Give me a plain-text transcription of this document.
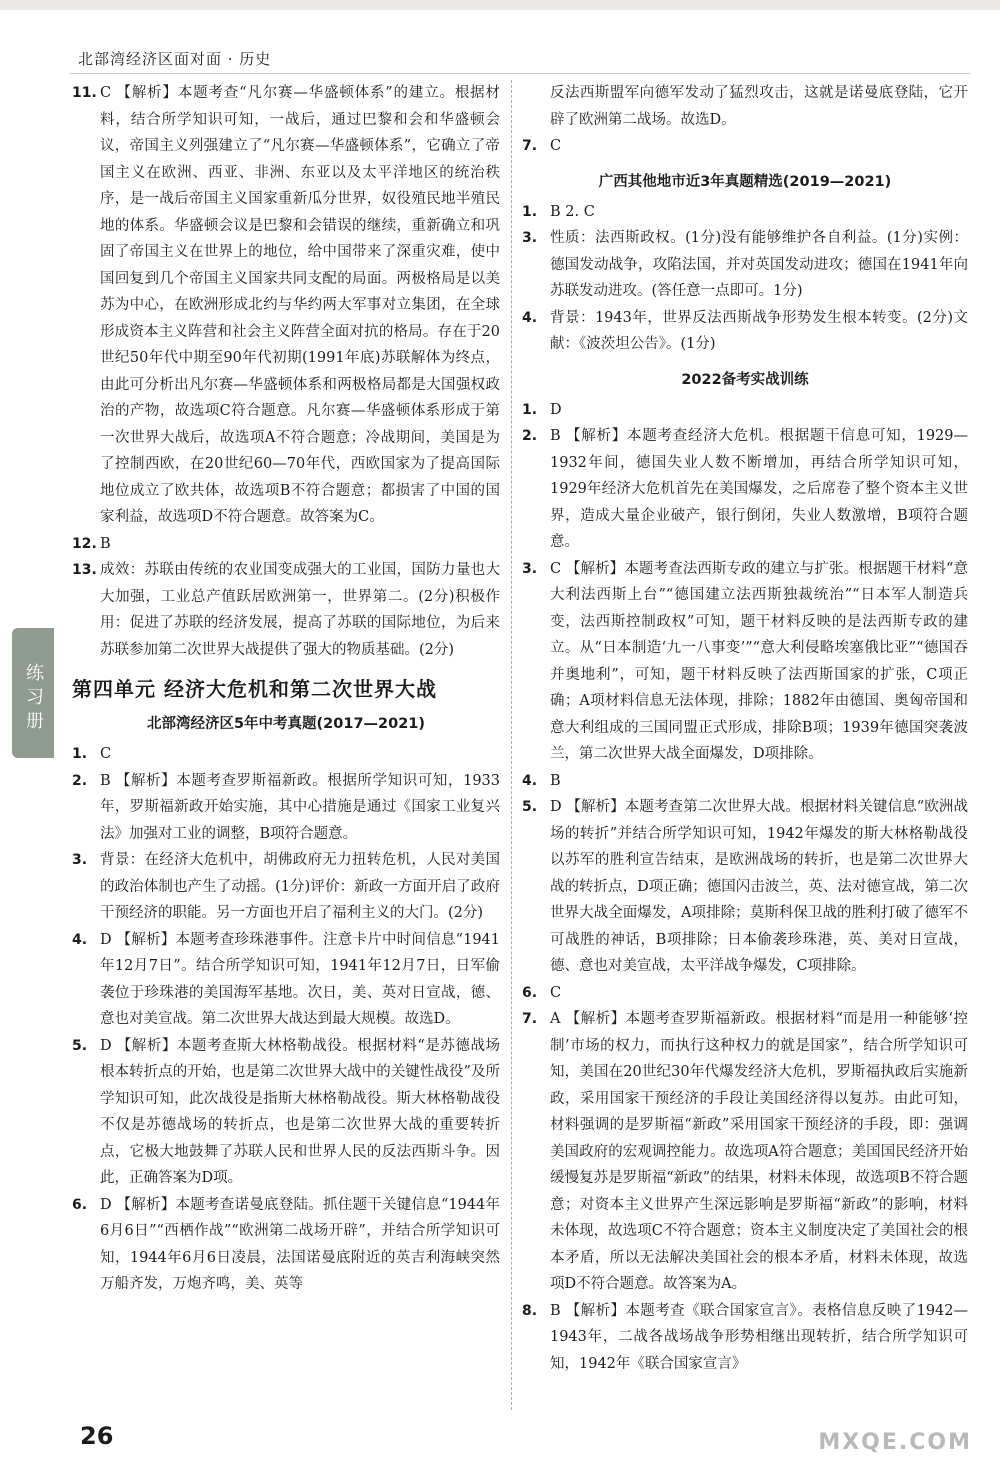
北部湾经济区面对面 · 历史
11. C 【解析】本题考查“凡尔赛—华盛顿体系”的建立。根据材料，结合所学知识可知，一战后，通过巴黎和会和华盛顿会议，帝国主义列强建立了“凡尔赛—华盛顿体系”，它确立了帝国主义在欧洲、西亚、非洲、东亚以及太平洋地区的统治秩序，是一战后帝国主义国家重新瓜分世界，奴役殖民地半殖民地的体系。华盛顿会议是巴黎和会错误的继续，重新确立和巩固了帝国主义在世界上的地位，给中国带来了深重灾难，使中国回复到几个帝国主义国家共同支配的局面。两极格局是以美苏为中心，在欧洲形成北约与华约两大军事对立集团，在全球形成资本主义阵营和社会主义阵营全面对抗的格局。存在于20世纪50年代中期至90年代初期(1991年底)苏联解体为终点，由此可分析出凡尔赛—华盛顿体系和两极格局都是大国强权政治的产物，故选项C符合题意。凡尔赛—华盛顿体系形成于第一次世界大战后，故选项A不符合题意；冷战期间，美国是为了控制西欧，在20世纪60—70年代，西欧国家为了提高国际地位成立了欧共体，故选项B不符合题意；都损害了中国的国家利益，故选项D不符合题意。故答案为C。

12. B

13. 成效：苏联由传统的农业国变成强大的工业国，国防力量也大大加强，工业总产值跃居欧洲第一，世界第二。(2分)积极作用：促进了苏联的经济发展，提高了苏联的国际地位，为后来苏联参加第二次世界大战提供了强大的物质基础。(2分)

第四单元 经济大危机和第二次世界大战
北部湾经济区5年中考真题(2017—2021)
1. C

2. B 【解析】本题考查罗斯福新政。根据所学知识可知，1933年，罗斯福新政开始实施，其中心措施是通过《国家工业复兴法》加强对工业的调整，B项符合题意。

3. 背景：在经济大危机中，胡佛政府无力扭转危机，人民对美国的政治体制也产生了动摇。(1分)评价：新政一方面开启了政府干预经济的职能。另一方面也开启了福利主义的大门。(2分)

4. D 【解析】本题考查珍珠港事件。注意卡片中时间信息“1941年12月7日”。结合所学知识可知，1941年12月7日，日军偷袭位于珍珠港的美国海军基地。次日，美、英对日宣战，德、意也对美宣战。第二次世界大战达到最大规模。故选D。

5. D 【解析】本题考查斯大林格勒战役。根据材料“是苏德战场根本转折点的开始，也是第二次世界大战中的关键性战役”及所学知识可知，此次战役是指斯大林格勒战役。斯大林格勒战役不仅是苏德战场的转折点，也是第二次世界大战的重要转折点，它极大地鼓舞了苏联人民和世界人民的反法西斯斗争。因此，正确答案为D项。

6. D 【解析】本题考查诺曼底登陆。抓住题干关键信息“1944年6月6日”“西栖作战”“欧洲第二战场开辟”，并结合所学知识可知，1944年6月6日凌晨，法国诺曼底附近的英吉利海峡突然万船齐发，万炮齐鸣，美、英等

反法西斯盟军向德军发动了猛烈攻击，这就是诺曼底登陆，它开辟了欧洲第二战场。故选D。

7. C

广西其他地市近3年真题精选(2019—2021)
1. B 2. C

3. 性质：法西斯政权。(1分)没有能够维护各自利益。(1分)实例：德国发动战争，攻陷法国，并对英国发动进攻；德国在1941年向苏联发动进攻。(答任意一点即可。1分)

4. 背景：1943年，世界反法西斯战争形势发生根本转变。(2分)文献：《波茨坦公告》。(1分)

2022备考实战训练
1. D

2. B 【解析】本题考查经济大危机。根据题干信息可知，1929—1932年间，德国失业人数不断增加，再结合所学知识可知，1929年经济大危机首先在美国爆发，之后席卷了整个资本主义世界，造成大量企业破产，银行倒闭，失业人数激增，B项符合题意。

3. C 【解析】本题考查法西斯专政的建立与扩张。根据题干材料“意大利法西斯上台”“德国建立法西斯独裁统治”“日本军人制造兵变，法西斯控制政权”可知，题干材料反映的是法西斯专政的建立。从“日本制造‘九一八事变’”“意大利侵略埃塞俄比亚”“德国吞并奥地利”，可知，题干材料反映了法西斯国家的扩张，C项正确；A项材料信息无法体现，排除；1882年由德国、奥匈帝国和意大利组成的三国同盟正式形成，排除B项；1939年德国突袭波兰，第二次世界大战全面爆发，D项排除。

4. B

5. D 【解析】本题考查第二次世界大战。根据材料关键信息“欧洲战场的转折”并结合所学知识可知，1942年爆发的斯大林格勒战役以苏军的胜利宣告结束，是欧洲战场的转折，也是第二次世界大战的转折点，D项正确；德国闪击波兰，英、法对德宣战，第二次世界大战全面爆发，A项排除；莫斯科保卫战的胜利打破了德军不可战胜的神话，B项排除；日本偷袭珍珠港，英、美对日宣战，德、意也对美宣战，太平洋战争爆发，C项排除。

6. C

7. A 【解析】本题考查罗斯福新政。根据材料“而是用一种能够‘控制’市场的权力，而执行这种权力的就是国家”，结合所学知识可知，美国在20世纪30年代爆发经济大危机，罗斯福执政后实施新政，采用国家干预经济的手段让美国经济得以复苏。由此可知，材料强调的是罗斯福“新政”采用国家干预经济的手段，即：强调美国政府的宏观调控能力。故选项A符合题意；美国国民经济开始缓慢复苏是罗斯福“新政”的结果，材料未体现，故选项B不符合题意；对资本主义世界产生深远影响是罗斯福“新政”的影响，材料未体现，故选项C不符合题意；资本主义制度决定了美国社会的根本矛盾，所以无法解决美国社会的根本矛盾，材料未体现，故选项D不符合题意。故答案为A。

8. B 【解析】本题考查《联合国家宣言》。表格信息反映了1942—1943年，二战各战场战争形势相继出现转折，结合所学知识可知，1942年《联合国家宣言》

练习册
26	MXQE.COM
